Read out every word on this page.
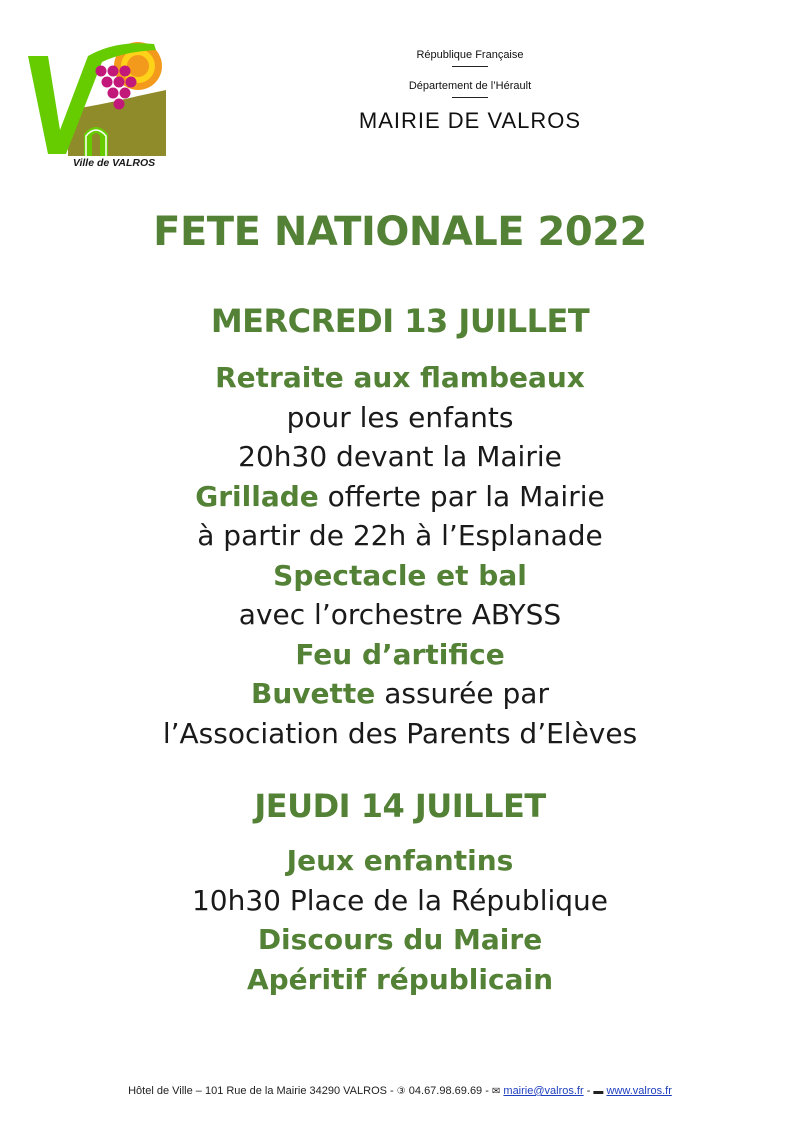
Ville de VALROS
République Française
Département de l’Hérault
MAIRIE DE VALROS
FETE NATIONALE 2022
MERCREDI 13 JUILLET
Retraite aux flambeaux
pour les enfants
20h30 devant la Mairie
Grillade offerte par la Mairie
à partir de 22h à l’Esplanade
Spectacle et bal
avec l’orchestre ABYSS
Feu d’artifice
Buvette assurée par
l’Association des Parents d’Elèves
JEUDI 14 JUILLET
Jeux enfantins
10h30 Place de la République
Discours du Maire
Apéritif républicain
Hôtel de Ville – 101 Rue de la Mairie 34290 VALROS - ③ 04.67.98.69.69 - ✉ mairie@valros.fr - ▬ www.valros.fr
